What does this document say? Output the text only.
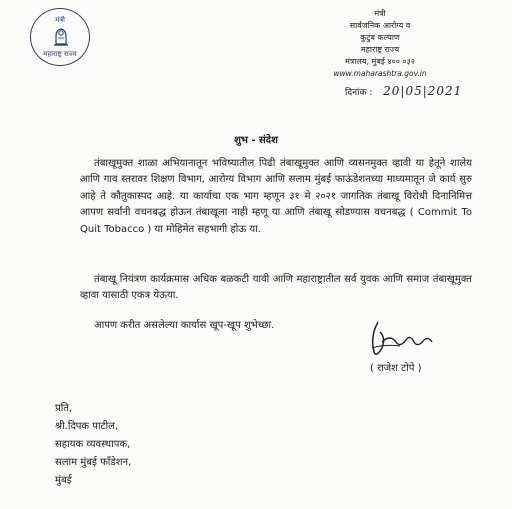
मंत्री
महाराष्ट्र राज्य
मंत्री
सार्वजनिक आरोग्य व
कुटुंब कल्याण
महाराष्ट्र राज्य
मंत्रालय, मुंबई ४०० ०३२
www.maharashtra.gov.in
दिनांक : 20|05|2021
शुभ - संदेश
तंबाखूमुक्त शाळा अभियानातून भविष्यातील पिढी तंबाखूमुक्त आणि व्यसनमुक्त व्हावी या हेतूने शालेय आणि गाव स्तरावर शिक्षण विभाग, आरोग्य विभाग आणि सलाम मुंबई फाऊंडेशनच्या माध्यमातून जे कार्य सुरु आहे ते कौतुकास्पद आहे. या कार्याचा एक भाग म्हणून ३१ मे २०२१ जागतिक तंबाखू विरोधी दिनानिमित्त आपण सर्वांनी वचनबद्ध होऊन तंबाखूला नाही म्हणू या आणि तंबाखू सोडण्यास वचनबद्ध ( Commit To Quit Tobacco ) या मोहिमेत सहभागी होऊ या.
तंबाखू नियंत्रण कार्यक्रमास अधिक बळकटी यावी आणि महाराष्ट्रातील सर्व युवक आणि समाज तंबाखूमुक्त व्हावा यासाठी एकत्र येऊया.
आपण करीत असलेल्या कार्यास खूप-खूप शुभेच्छा.
( राजेश टोपे )
प्रति,
श्री.दिपक पाटील,
सहायक व्यवस्थापक,
सलाम मुंबई फॉंडेशन,
मुंबई
